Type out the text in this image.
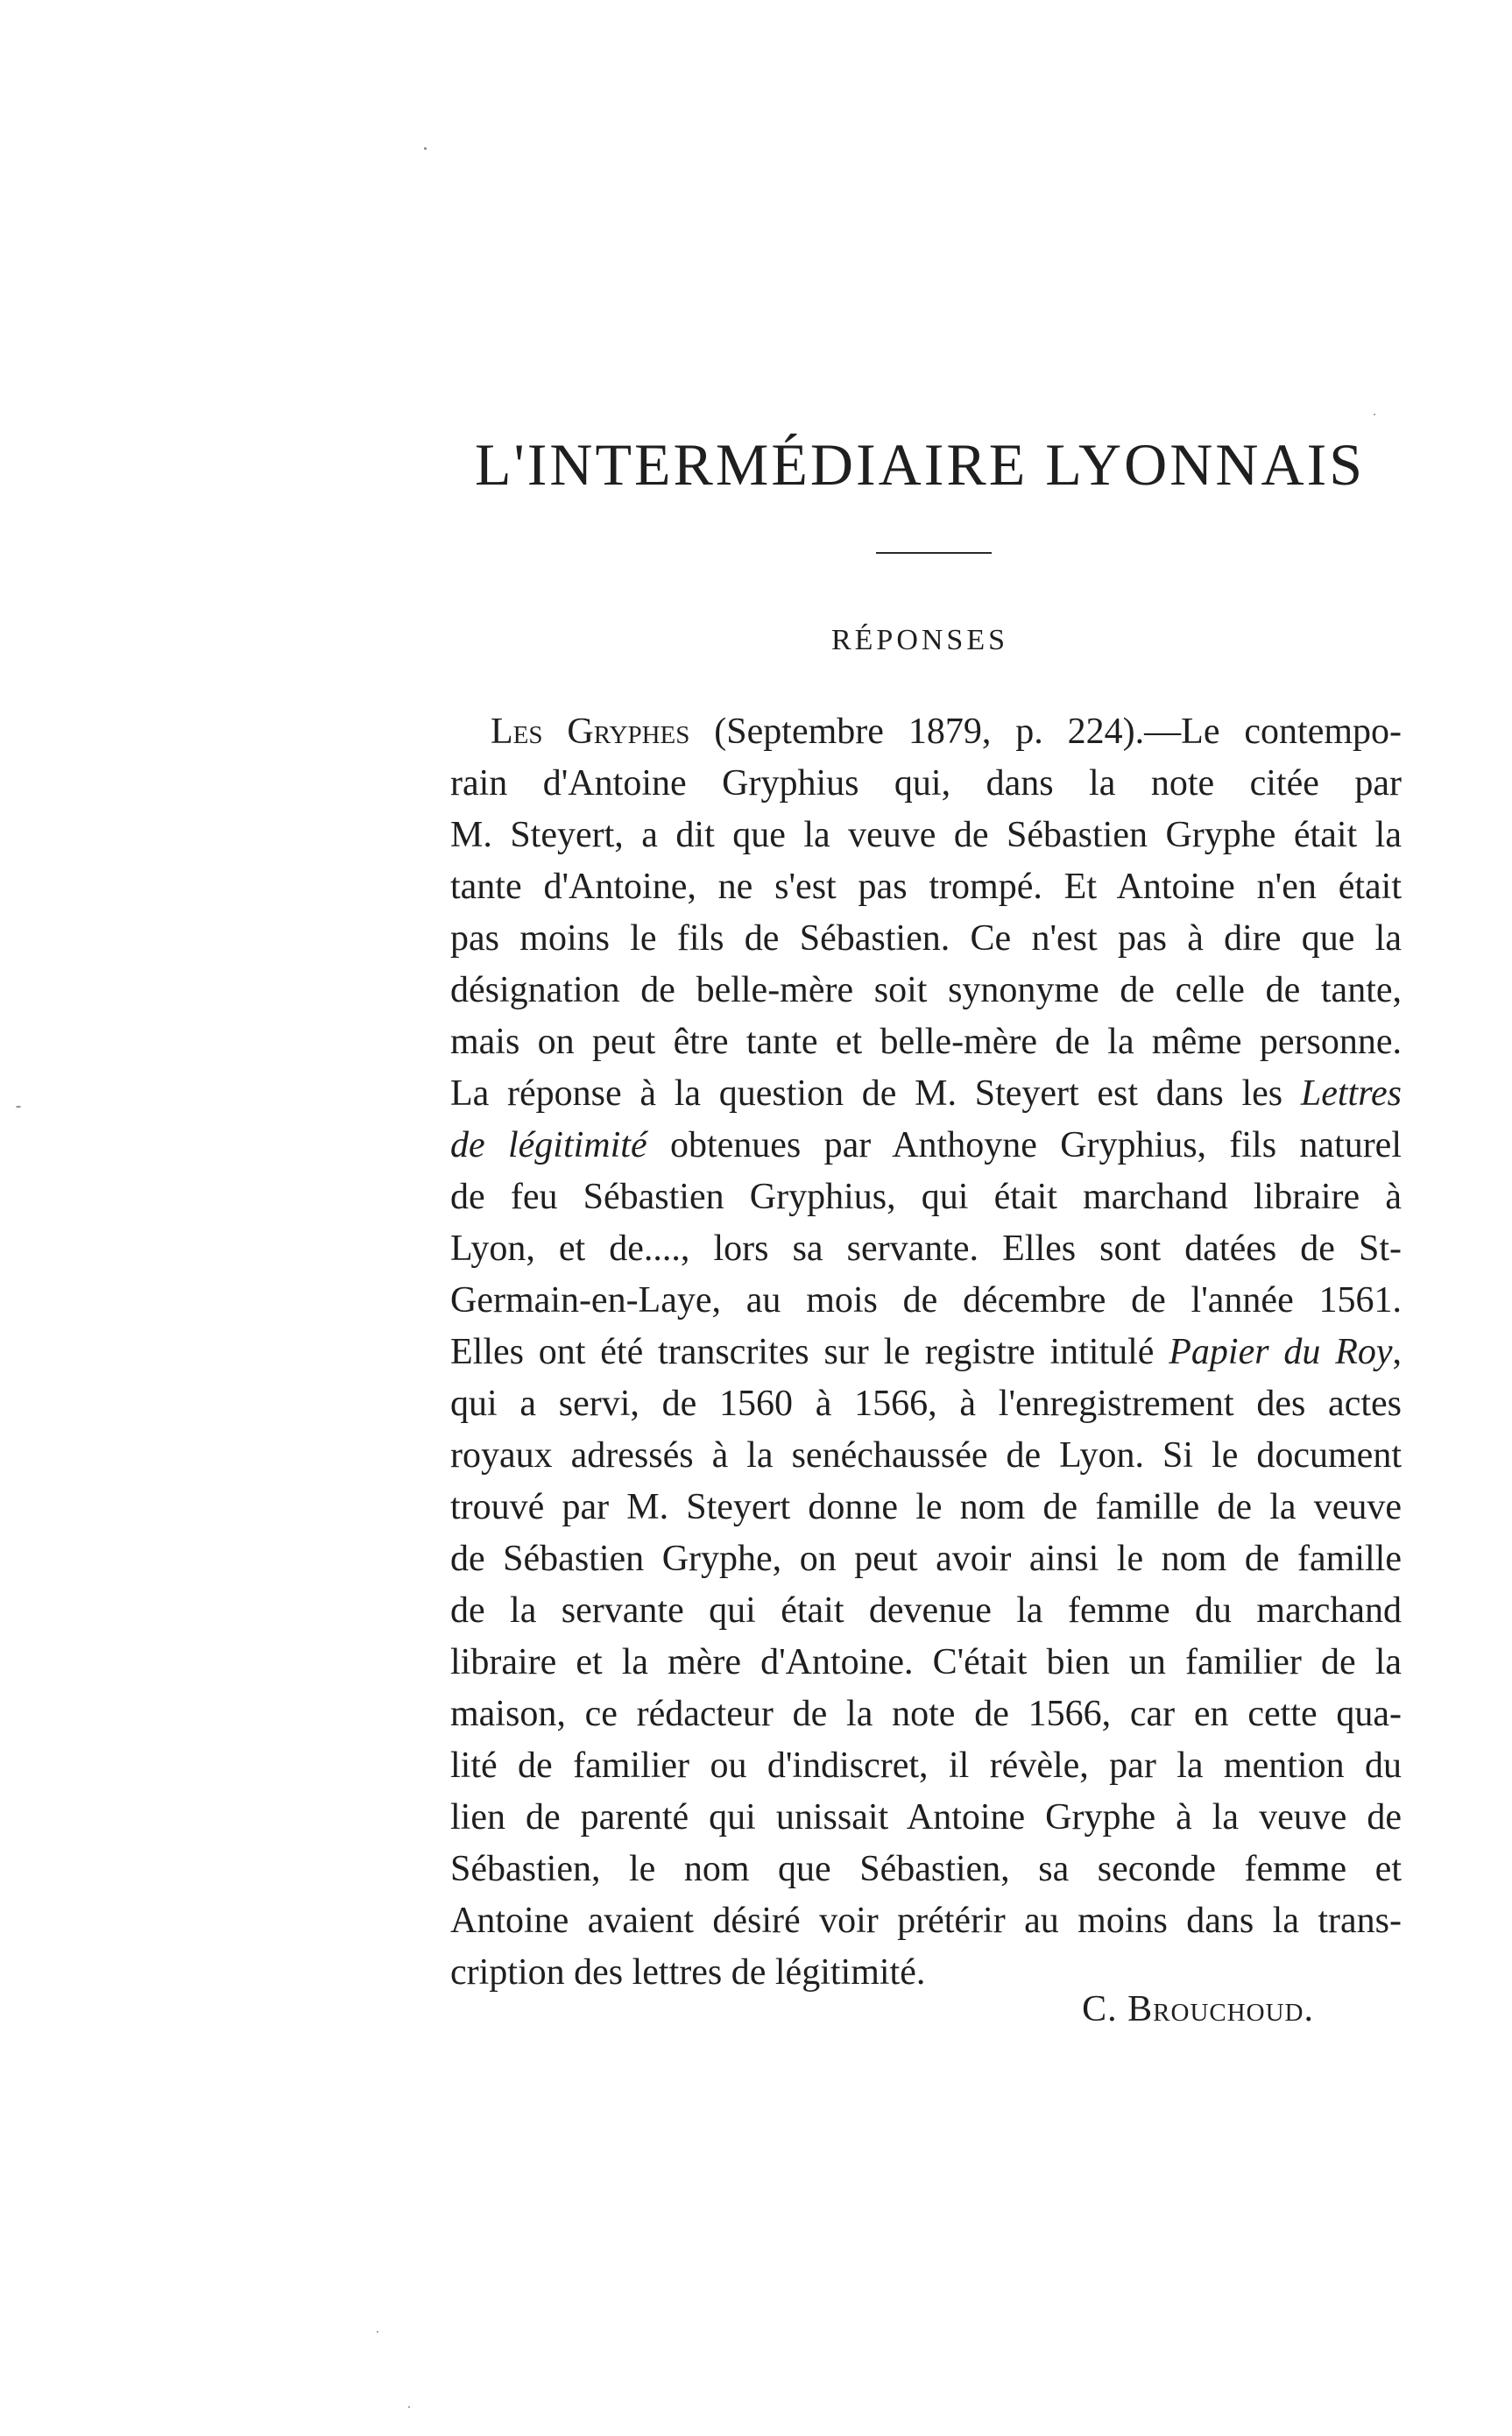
L'INTERMÉDIAIRE LYONNAIS
RÉPONSES
Les Gryphes (Septembre 1879, p. 224).—Le contempo-
rain d'Antoine Gryphius qui, dans la note citée par
M. Steyert, a dit que la veuve de Sébastien Gryphe était la
tante d'Antoine, ne s'est pas trompé. Et Antoine n'en était
pas moins le fils de Sébastien. Ce n'est pas à dire que la
désignation de belle-mère soit synonyme de celle de tante,
mais on peut être tante et belle-mère de la même personne.
La réponse à la question de M. Steyert est dans les Lettres
de légitimité obtenues par Anthoyne Gryphius, fils naturel
de feu Sébastien Gryphius, qui était marchand libraire à
Lyon, et de...., lors sa servante. Elles sont datées de St-
Germain-en-Laye, au mois de décembre de l'année 1561.
Elles ont été transcrites sur le registre intitulé Papier du Roy,
qui a servi, de 1560 à 1566, à l'enregistrement des actes
royaux adressés à la senéchaussée de Lyon. Si le document
trouvé par M. Steyert donne le nom de famille de la veuve
de Sébastien Gryphe, on peut avoir ainsi le nom de famille
de la servante qui était devenue la femme du marchand
libraire et la mère d'Antoine. C'était bien un familier de la
maison, ce rédacteur de la note de 1566, car en cette qua-
lité de familier ou d'indiscret, il révèle, par la mention du
lien de parenté qui unissait Antoine Gryphe à la veuve de
Sébastien, le nom que Sébastien, sa seconde femme et
Antoine avaient désiré voir prétérir au moins dans la trans-
cription des lettres de légitimité.
C. Brouchoud.
